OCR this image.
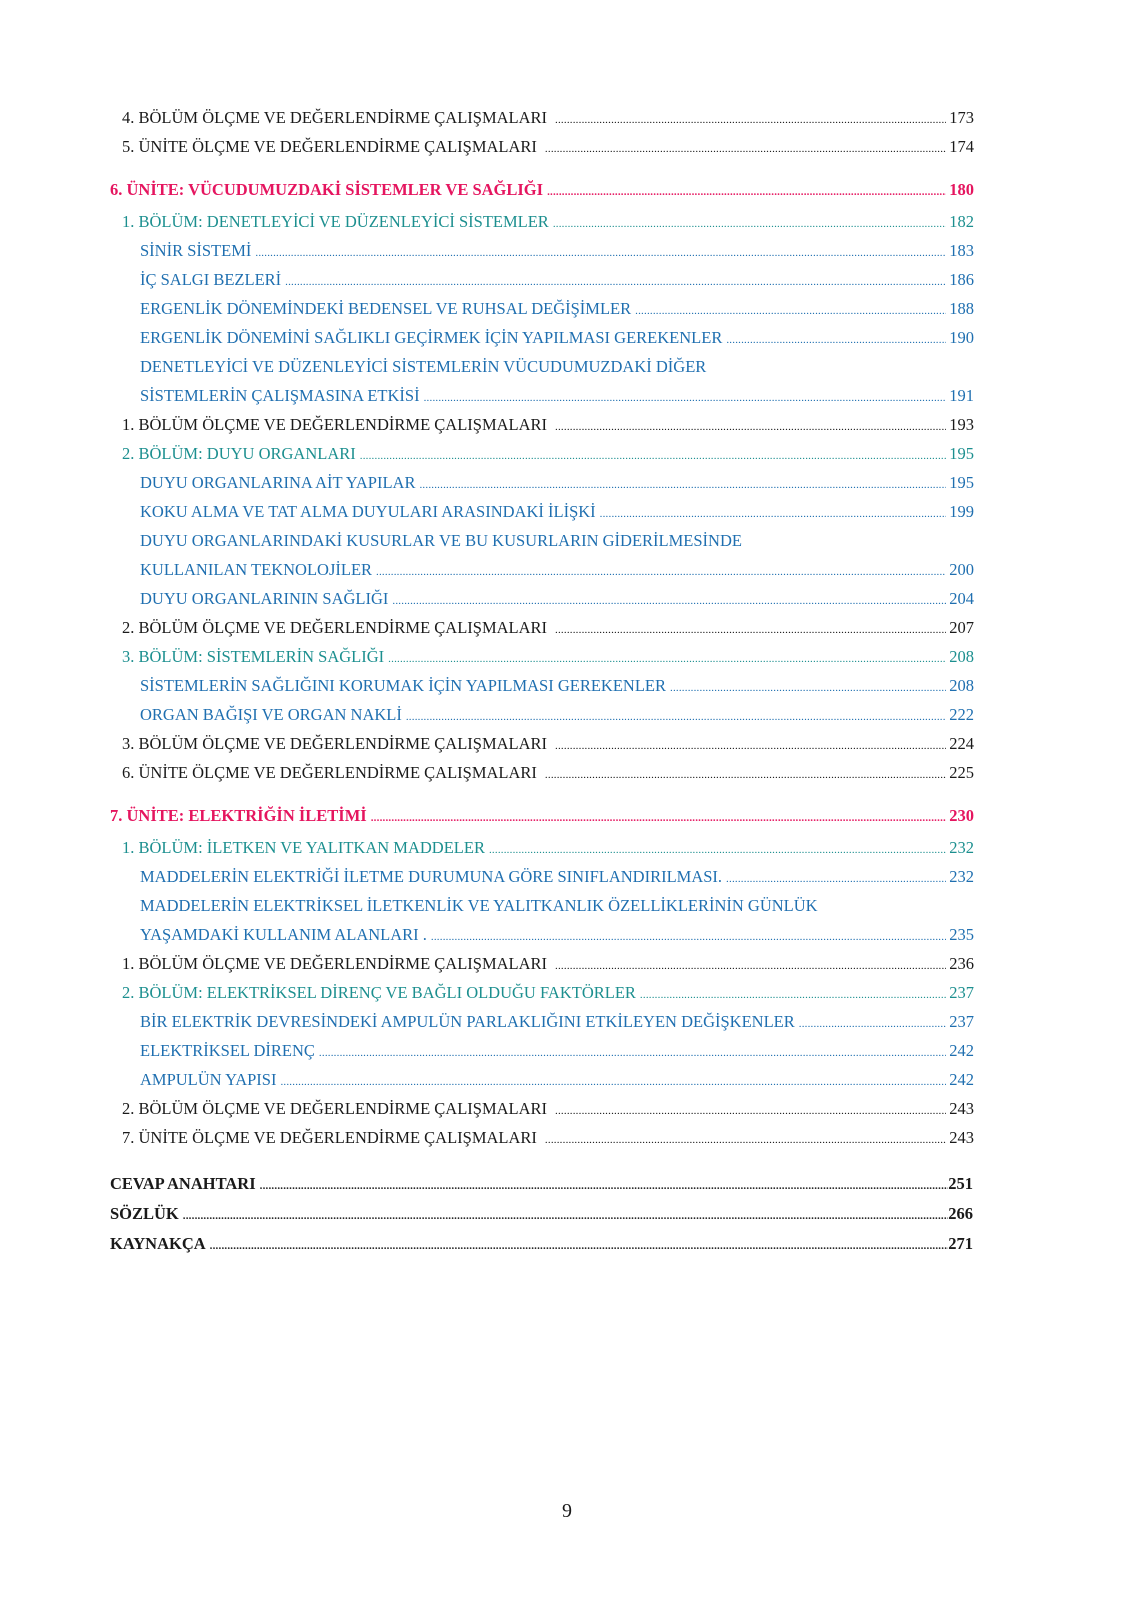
4. BÖLÜM ÖLÇME VE DEĞERLENDİRME ÇALIŞMALARI .....	173
5. ÜNİTE ÖLÇME VE DEĞERLENDİRME ÇALIŞMALARI .....	174
6. ÜNİTE: VÜCUDUMUZDAKİ SİSTEMLER VE SAĞLIĞI .....	180
1. BÖLÜM: DENETLEYİCİ VE DÜZENLEYİCİ SİSTEMLER .....	182
SİNİR SİSTEMİ .....	183
İÇ SALGI BEZLERİ .....	186
ERGENLİK DÖNEMİNDEKİ BEDENSEL VE RUHSAL DEĞİŞİMLER .....	188
ERGENLİK DÖNEMİNİ SAĞLIKLI GEÇİRMEK İÇİN YAPILMASI GEREKENLER .....	190
DENETLEYİCİ VE DÜZENLEYİCİ SİSTEMLERİN VÜCUDUMUZDAKİ DİĞER
SİSTEMLERİN ÇALIŞMASINA ETKİSİ .....	191
1. BÖLÜM ÖLÇME VE DEĞERLENDİRME ÇALIŞMALARI .....	193
2. BÖLÜM: DUYU ORGANLARI .....	195
DUYU ORGANLARINA AİT YAPILAR .....	195
KOKU ALMA VE TAT ALMA DUYULARI ARASINDAKİ İLİŞKİ .....	199
DUYU ORGANLARINDAKİ KUSURLAR VE BU KUSURLARIN GİDERİLMESİNDE
KULLANILAN TEKNOLOJİLER .....	200
DUYU ORGANLARININ SAĞLIĞI .....	204
2. BÖLÜM ÖLÇME VE DEĞERLENDİRME ÇALIŞMALARI .....	207
3. BÖLÜM: SİSTEMLERİN SAĞLIĞI .....	208
SİSTEMLERİN SAĞLIĞINI KORUMAK İÇİN YAPILMASI GEREKENLER .....	208
ORGAN BAĞIŞI VE ORGAN NAKLİ .....	222
3. BÖLÜM ÖLÇME VE DEĞERLENDİRME ÇALIŞMALARI .....	224
6. ÜNİTE ÖLÇME VE DEĞERLENDİRME ÇALIŞMALARI .....	225
7. ÜNİTE: ELEKTRİĞİN İLETİMİ .....	230
1. BÖLÜM: İLETKEN VE YALITKAN MADDELER .....	232
MADDELERİN ELEKTRİĞİ İLETME DURUMUNA GÖRE SINIFLANDIRILMASI. .....	232
MADDELERİN ELEKTRİKSEL İLETKENLİK VE YALITKANLIK ÖZELLİKLERİNİN GÜNLÜK
YAŞAMDAKİ KULLANIM ALANLARI . .....	235
1. BÖLÜM ÖLÇME VE DEĞERLENDİRME ÇALIŞMALARI .....	236
2. BÖLÜM: ELEKTRİKSEL DİRENÇ VE BAĞLI OLDUĞU FAKTÖRLER .....	237
BİR ELEKTRİK DEVRESİNDEKİ AMPULÜN PARLAKLIĞINI ETKİLEYEN DEĞİŞKENLER .....	237
ELEKTRİKSEL DİRENÇ .....	242
AMPULÜN YAPISI .....	242
2. BÖLÜM ÖLÇME VE DEĞERLENDİRME ÇALIŞMALARI .....	243
7. ÜNİTE ÖLÇME VE DEĞERLENDİRME ÇALIŞMALARI .....	243
CEVAP ANAHTARI .....	251
SÖZLÜK .....	266
KAYNAKÇA .....	271
9
